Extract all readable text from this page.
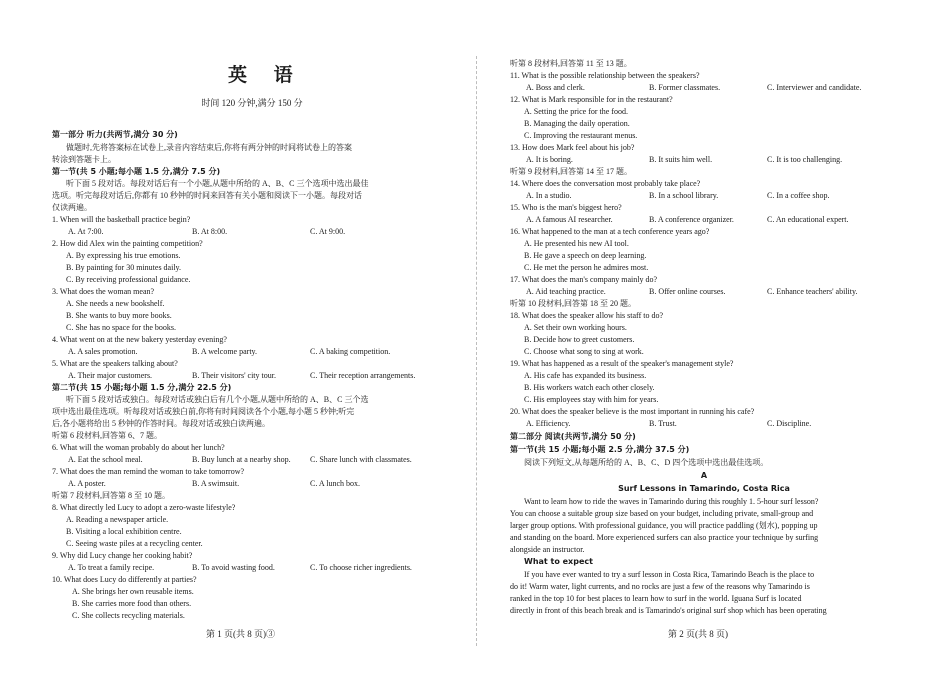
英 语
时间 120 分钟,满分 150 分
第一部分 听力(共两节,满分 30 分)
做题时,先将答案标在试卷上,录音内容结束后,你将有两分钟的时间将试卷上的答案
转涂到答题卡上。
第一节(共 5 小题;每小题 1.5 分,满分 7.5 分)
听下面 5 段对话。每段对话后有一个小题,从题中所给的 A、B、C 三个选项中选出最佳
选项。听完每段对话后,你都有 10 秒钟的时间来回答有关小题和阅读下一小题。每段对话
仅读两遍。
1. When will the basketball practice begin?
A. At 7:00.	B. At 8:00.	C. At 9:00.
2. How did Alex win the painting competition?
A. By expressing his true emotions.
B. By painting for 30 minutes daily.
C. By receiving professional guidance.
3. What does the woman mean?
A. She needs a new bookshelf.
B. She wants to buy more books.
C. She has no space for the books.
4. What went on at the new bakery yesterday evening?
A. A sales promotion.	B. A welcome party.	C. A baking competition.
5. What are the speakers talking about?
A. Their major customers.	B. Their visitors' city tour.	C. Their reception arrangements.
第二节(共 15 小题;每小题 1.5 分,满分 22.5 分)
听下面 5 段对话或独白。每段对话或独白后有几个小题,从题中所给的 A、B、C 三个选
项中选出最佳选项。听每段对话或独白前,你将有时间阅读各个小题,每小题 5 秒钟;听完
后,各小题将给出 5 秒钟的作答时间。每段对话或独白读两遍。
听第 6 段材料,回答第 6、7 题。
6. What will the woman probably do about her lunch?
A. Eat the school meal.	B. Buy lunch at a nearby shop. C. Share lunch with classmates.
7. What does the man remind the woman to take tomorrow?
A. A poster.	B. A swimsuit.	C. A lunch box.
听第 7 段材料,回答第 8 至 10 题。
8. What directly led Lucy to adopt a zero-waste lifestyle?
A. Reading a newspaper article.
B. Visiting a local exhibition centre.
C. Seeing waste piles at a recycling center.
9. Why did Lucy change her cooking habit?
A. To treat a family recipe.	B. To avoid wasting food.	C. To choose richer ingredients.
10. What does Lucy do differently at parties?
A. She brings her own reusable items.
B. She carries more food than others.
C. She collects recycling materials.
第 1 页(共 8 页)③
听第 8 段材料,回答第 11 至 13 题。
11. What is the possible relationship between the speakers?
A. Boss and clerk.	B. Former classmates.	C. Interviewer and candidate.
12. What is Mark responsible for in the restaurant?
A. Setting the price for the food.
B. Managing the daily operation.
C. Improving the restaurant menus.
13. How does Mark feel about his job?
A. It is boring.	B. It suits him well.	C. It is too challenging.
听第 9 段材料,回答第 14 至 17 题。
14. Where does the conversation most probably take place?
A. In a studio.	B. In a school library.	C. In a coffee shop.
15. Who is the man's biggest hero?
A. A famous AI researcher.	B. A conference organizer.	C. An educational expert.
16. What happened to the man at a tech conference years ago?
A. He presented his new AI tool.
B. He gave a speech on deep learning.
C. He met the person he admires most.
17. What does the man's company mainly do?
A. Aid teaching practice.	B. Offer online courses.	C. Enhance teachers' ability.
听第 10 段材料,回答第 18 至 20 题。
18. What does the speaker allow his staff to do?
A. Set their own working hours.
B. Decide how to greet customers.
C. Choose what song to sing at work.
19. What has happened as a result of the speaker's management style?
A. His cafe has expanded its business.
B. His workers watch each other closely.
C. His employees stay with him for years.
20. What does the speaker believe is the most important in running his cafe?
A. Efficiency.	B. Trust.	C. Discipline.
第二部分 阅读(共两节,满分 50 分)
第一节(共 15 小题;每小题 2.5 分,满分 37.5 分)
阅读下列短文,从每题所给的 A、B、C、D 四个选项中选出最佳选项。
A
Surf Lessons in Tamarindo, Costa Rica
Want to learn how to ride the waves in Tamarindo during this roughly 1. 5-hour surf lesson?
You can choose a suitable group size based on your budget, including private, small-group and
larger group options. With professional guidance, you will practice paddling (划水), popping up
and standing on the board. More experienced surfers can also practice your technique by surfing
alongside an instructor.
What to expect
If you have ever wanted to try a surf lesson in Costa Rica, Tamarindo Beach is the place to
do it! Warm water, light currents, and no rocks are just a few of the reasons why Tamarindo is
ranked in the top 10 for best places to learn how to surf in the world. Iguana Surf is located
directly in front of this beach break and is Tamarindo's original surf shop which has been operating
第 2 页(共 8 页)
